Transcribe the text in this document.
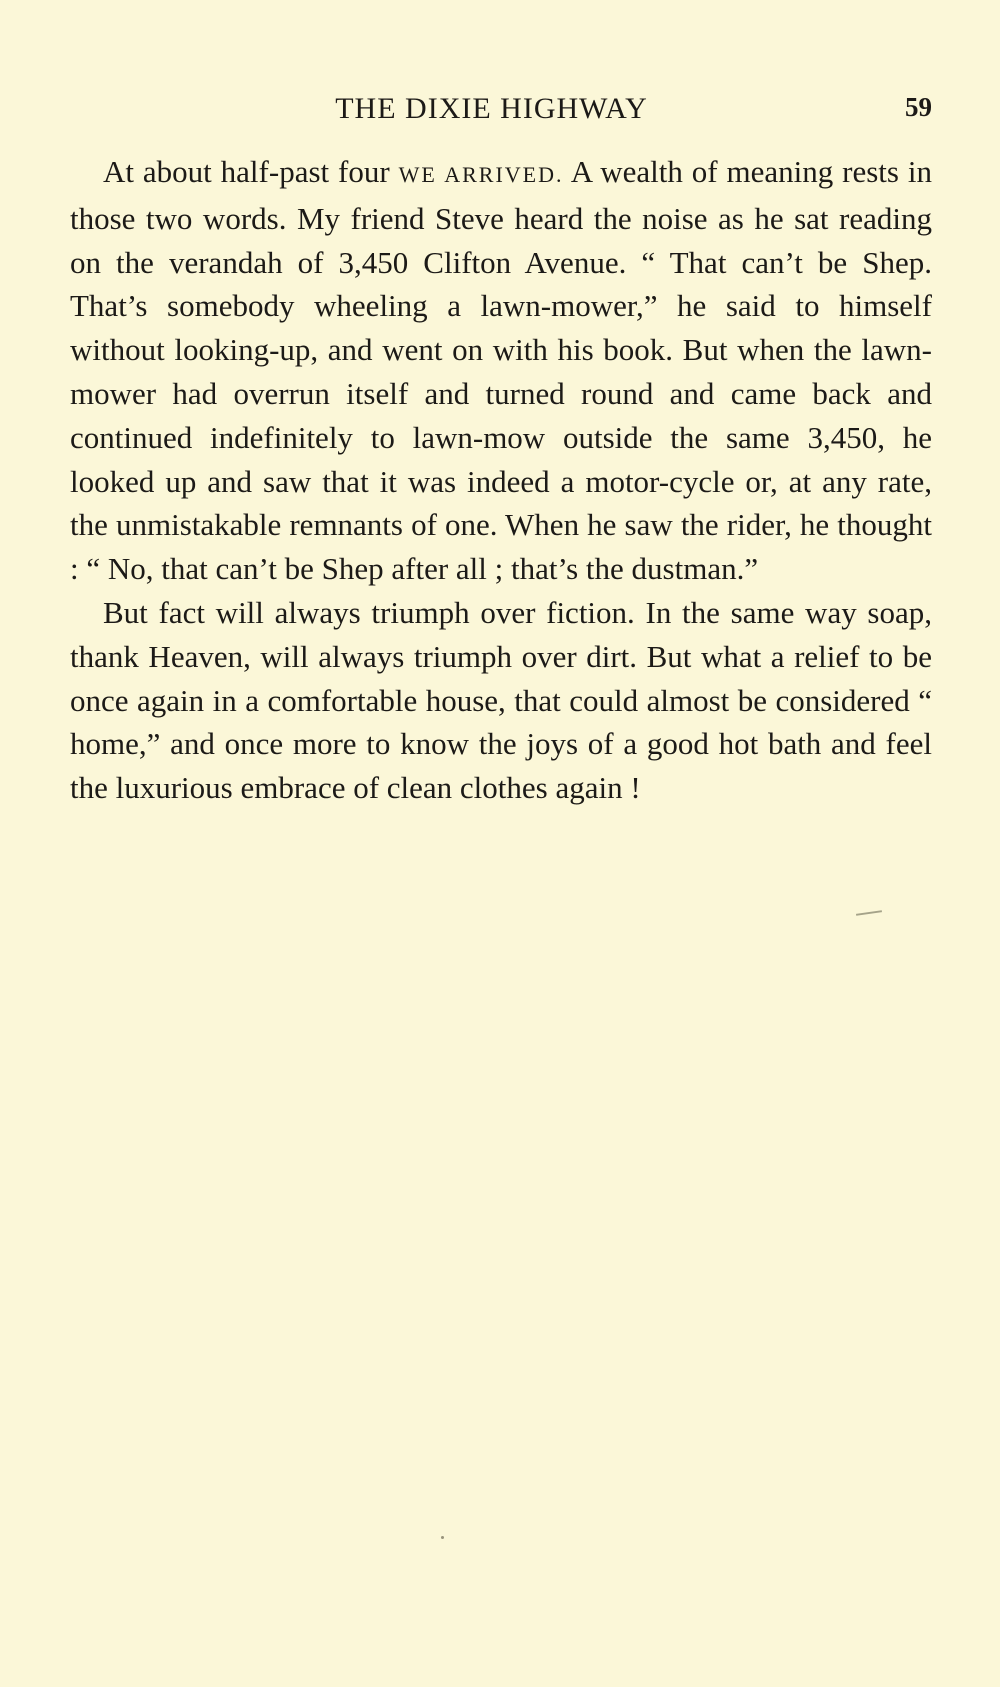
THE DIXIE HIGHWAY	59

At about half-past four WE ARRIVED. A wealth of meaning rests in those two words. My friend Steve heard the noise as he sat reading on the verandah of 3,450 Clifton Avenue. “ That can’t be Shep. That’s somebody wheeling a lawn-mower,” he said to himself without looking-up, and went on with his book. But when the lawn-mower had overrun itself and turned round and came back and continued indefinitely to lawn-mow outside the same 3,450, he looked up and saw that it was indeed a motor-cycle or, at any rate, the unmistakable remnants of one. When he saw the rider, he thought : “ No, that can’t be Shep after all ; that’s the dustman.”

But fact will always triumph over fiction. In the same way soap, thank Heaven, will always triumph over dirt. But what a relief to be once again in a comfortable house, that could almost be considered “ home,” and once more to know the joys of a good hot bath and feel the luxurious embrace of clean clothes again !
